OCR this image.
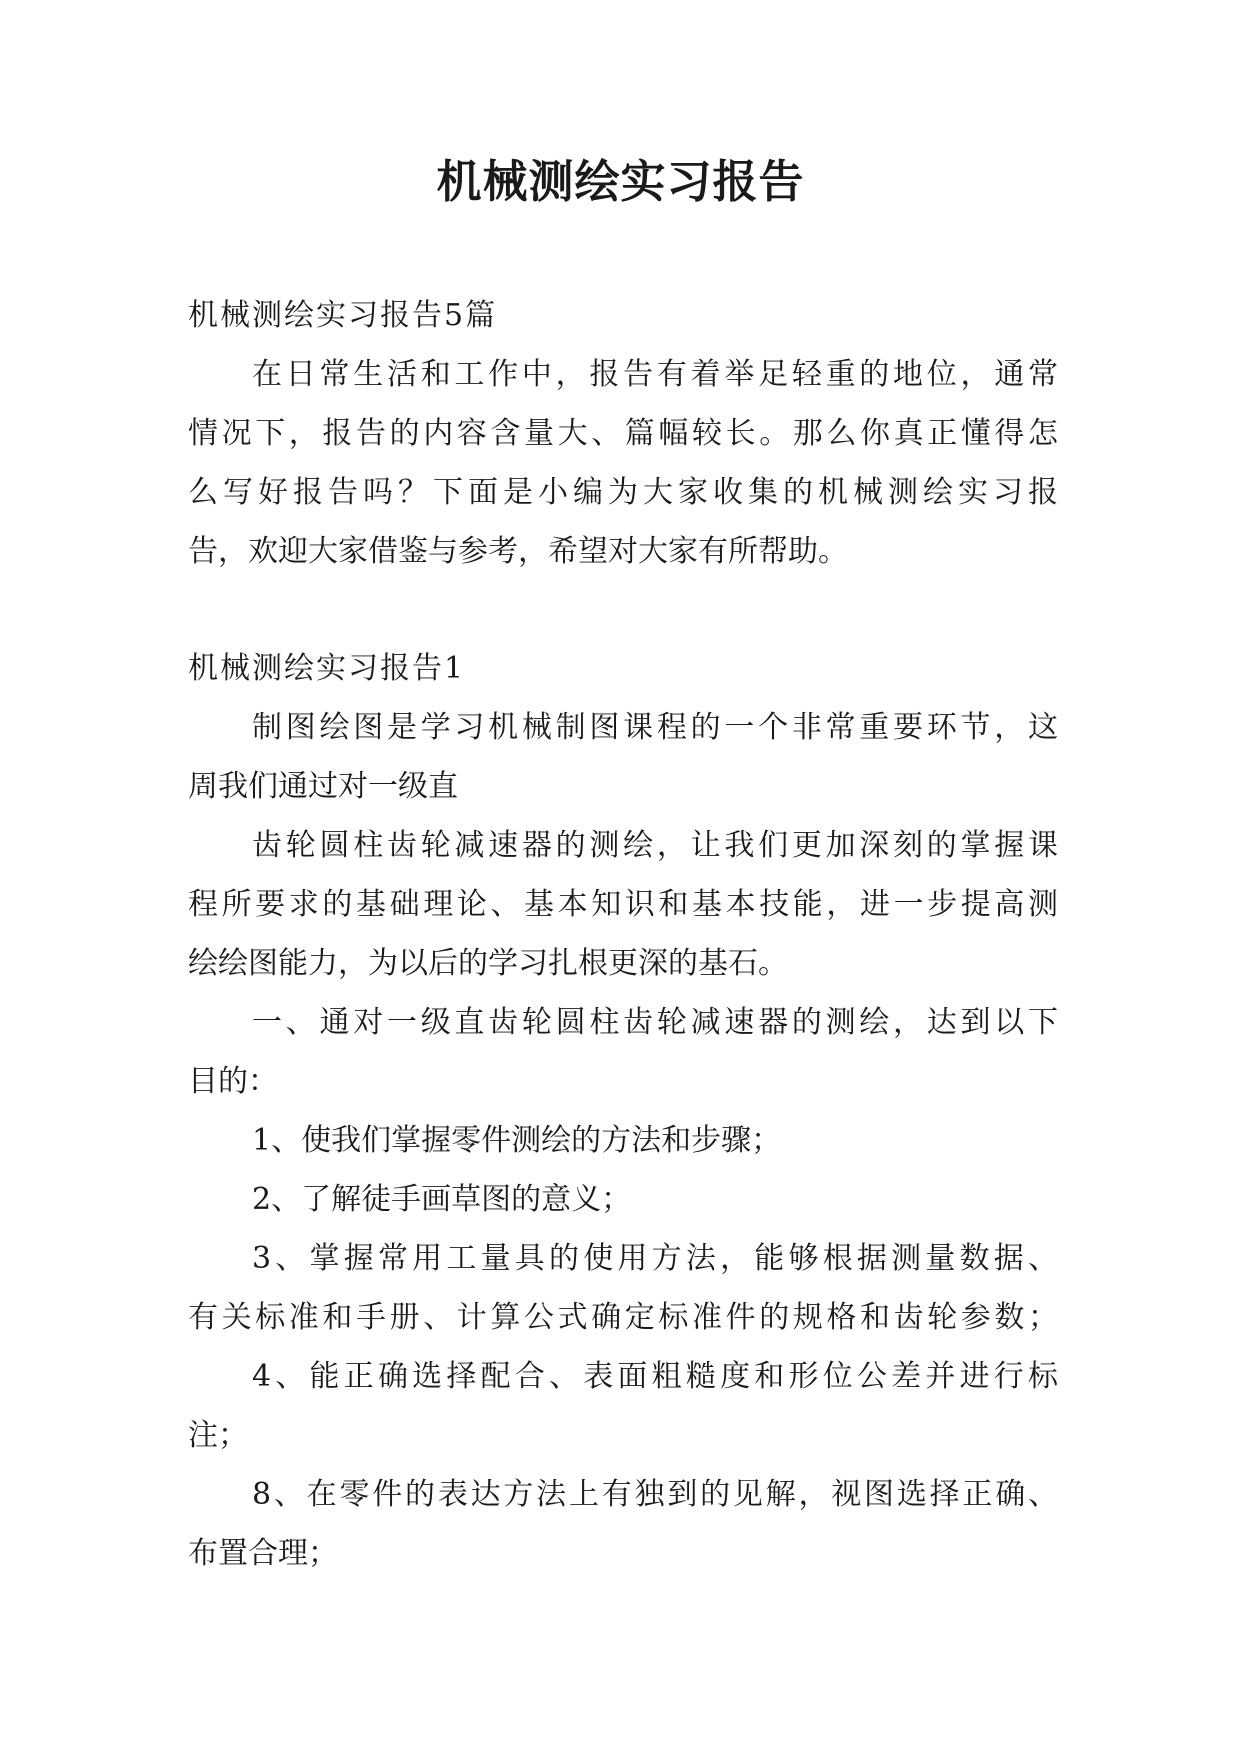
机械测绘实习报告
机械测绘实习报告5篇
在日常生活和工作中，报告有着举足轻重的地位，通常
情况下，报告的内容含量大、篇幅较长。那么你真正懂得怎
么写好报告吗？下面是小编为大家收集的机械测绘实习报
告，欢迎大家借鉴与参考，希望对大家有所帮助。
机械测绘实习报告1
制图绘图是学习机械制图课程的一个非常重要环节，这
周我们通过对一级直
齿轮圆柱齿轮减速器的测绘，让我们更加深刻的掌握课
程所要求的基础理论、基本知识和基本技能，进一步提高测
绘绘图能力，为以后的学习扎根更深的基石。
一、通对一级直齿轮圆柱齿轮减速器的测绘，达到以下
目的：
1、使我们掌握零件测绘的方法和步骤；
2、了解徒手画草图的意义；
3、掌握常用工量具的使用方法，能够根据测量数据、
有关标准和手册、计算公式确定标准件的规格和齿轮参数；
4、能正确选择配合、表面粗糙度和形位公差并进行标
注；
8、在零件的表达方法上有独到的见解，视图选择正确、
布置合理；
